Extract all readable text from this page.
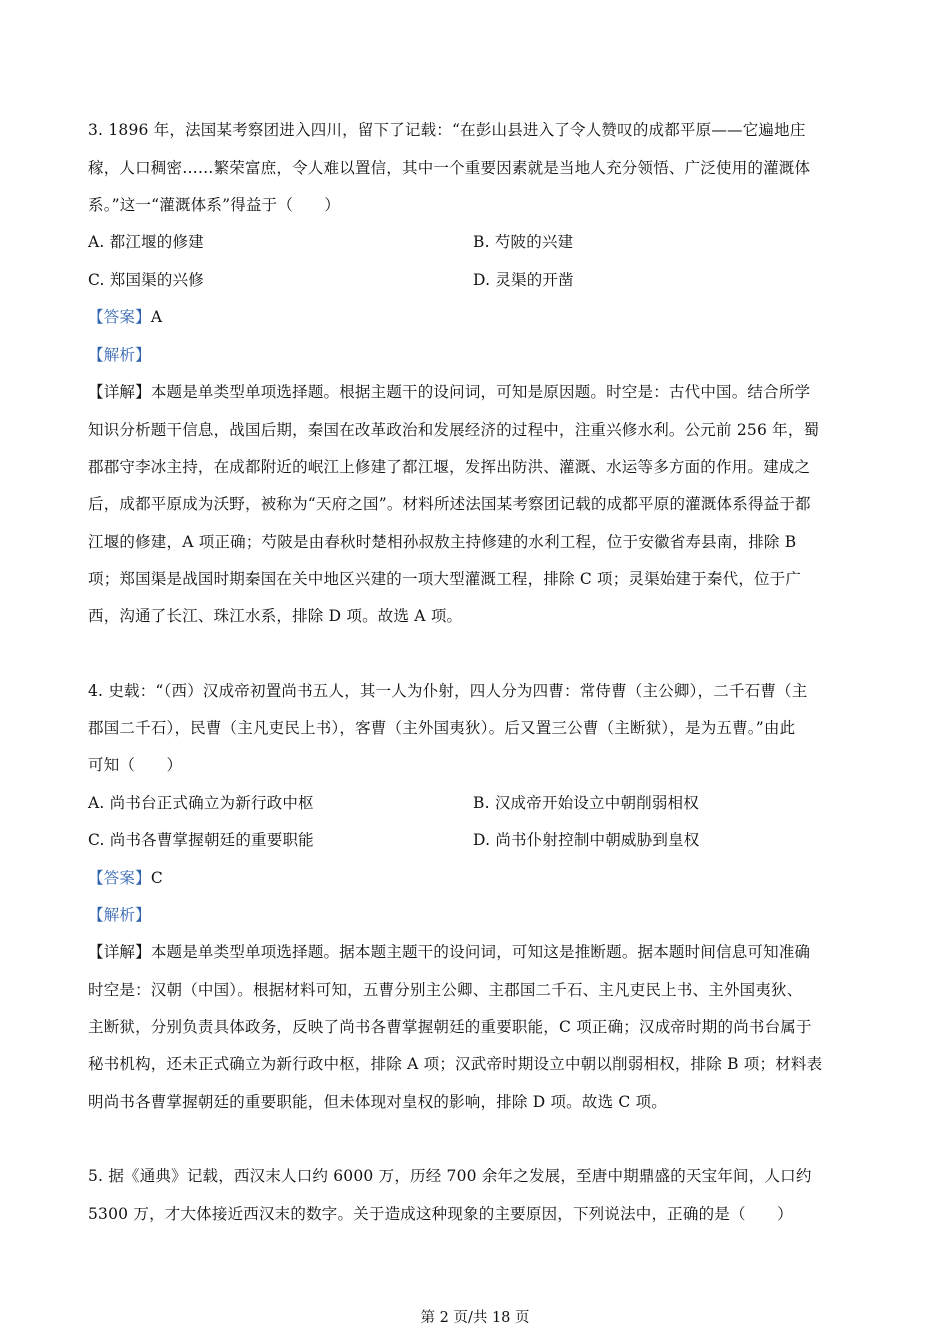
3. 1896 年，法国某考察团进入四川，留下了记载：“在彭山县进入了令人赞叹的成都平原——它遍地庄
稼，人口稠密……繁荣富庶，令人难以置信，其中一个重要因素就是当地人充分领悟、广泛使用的灌溉体
系。”这一“灌溉体系”得益于（　　）
A. 都江堰的修建	B. 芍陂的兴建
C. 郑国渠的兴修	D. 灵渠的开凿
【答案】A
【解析】
【详解】本题是单类型单项选择题。根据主题干的设问词，可知是原因题。时空是：古代中国。结合所学
知识分析题干信息，战国后期，秦国在改革政治和发展经济的过程中，注重兴修水利。公元前 256 年，蜀
郡郡守李冰主持，在成都附近的岷江上修建了都江堰，发挥出防洪、灌溉、水运等多方面的作用。建成之
后，成都平原成为沃野，被称为“天府之国”。材料所述法国某考察团记载的成都平原的灌溉体系得益于都
江堰的修建，A 项正确；芍陂是由春秋时楚相孙叔敖主持修建的水利工程，位于安徽省寿县南，排除 B
项；郑国渠是战国时期秦国在关中地区兴建的一项大型灌溉工程，排除 C 项；灵渠始建于秦代，位于广
西，沟通了长江、珠江水系，排除 D 项。故选 A 项。
4. 史载：“（西）汉成帝初置尚书五人，其一人为仆射，四人分为四曹：常侍曹（主公卿），二千石曹（主
郡国二千石），民曹（主凡吏民上书），客曹（主外国夷狄）。后又置三公曹（主断狱），是为五曹。”由此
可知（　　）
A. 尚书台正式确立为新行政中枢	B. 汉成帝开始设立中朝削弱相权
C. 尚书各曹掌握朝廷的重要职能	D. 尚书仆射控制中朝威胁到皇权
【答案】C
【解析】
【详解】本题是单类型单项选择题。据本题主题干的设问词，可知这是推断题。据本题时间信息可知准确
时空是：汉朝（中国）。根据材料可知，五曹分别主公卿、主郡国二千石、主凡吏民上书、主外国夷狄、
主断狱，分别负责具体政务，反映了尚书各曹掌握朝廷的重要职能，C 项正确；汉成帝时期的尚书台属于
秘书机构，还未正式确立为新行政中枢，排除 A 项；汉武帝时期设立中朝以削弱相权，排除 B 项；材料表
明尚书各曹掌握朝廷的重要职能，但未体现对皇权的影响，排除 D 项。故选 C 项。
5. 据《通典》记载，西汉末人口约 6000 万，历经 700 余年之发展，至唐中期鼎盛的天宝年间，人口约
5300 万，才大体接近西汉末的数字。关于造成这种现象的主要原因，下列说法中，正确的是（　　）
第 2 页/共 18 页
